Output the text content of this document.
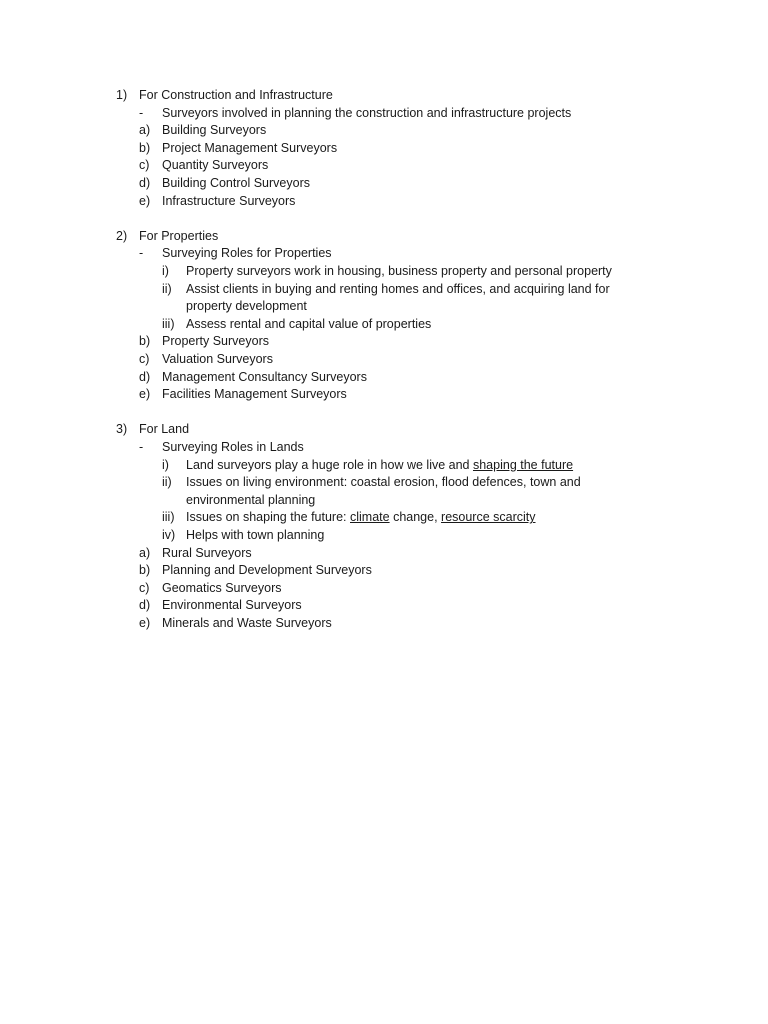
1) For Construction and Infrastructure
- Surveyors involved in planning the construction and infrastructure projects
a) Building Surveyors
b) Project Management Surveyors
c) Quantity Surveyors
d) Building Control Surveyors
e) Infrastructure Surveyors
2) For Properties
- Surveying Roles for Properties
i) Property surveyors work in housing, business property and personal property
ii) Assist clients in buying and renting homes and offices, and acquiring land for
property development
iii) Assess rental and capital value of properties
b) Property Surveyors
c) Valuation Surveyors
d) Management Consultancy Surveyors
e) Facilities Management Surveyors
3) For Land
- Surveying Roles in Lands
i) Land surveyors play a huge role in how we live and shaping the future
ii) Issues on living environment: coastal erosion, flood defences, town and
environmental planning
iii) Issues on shaping the future: climate change, resource scarcity
iv) Helps with town planning
a) Rural Surveyors
b) Planning and Development Surveyors
c) Geomatics Surveyors
d) Environmental Surveyors
e) Minerals and Waste Surveyors
